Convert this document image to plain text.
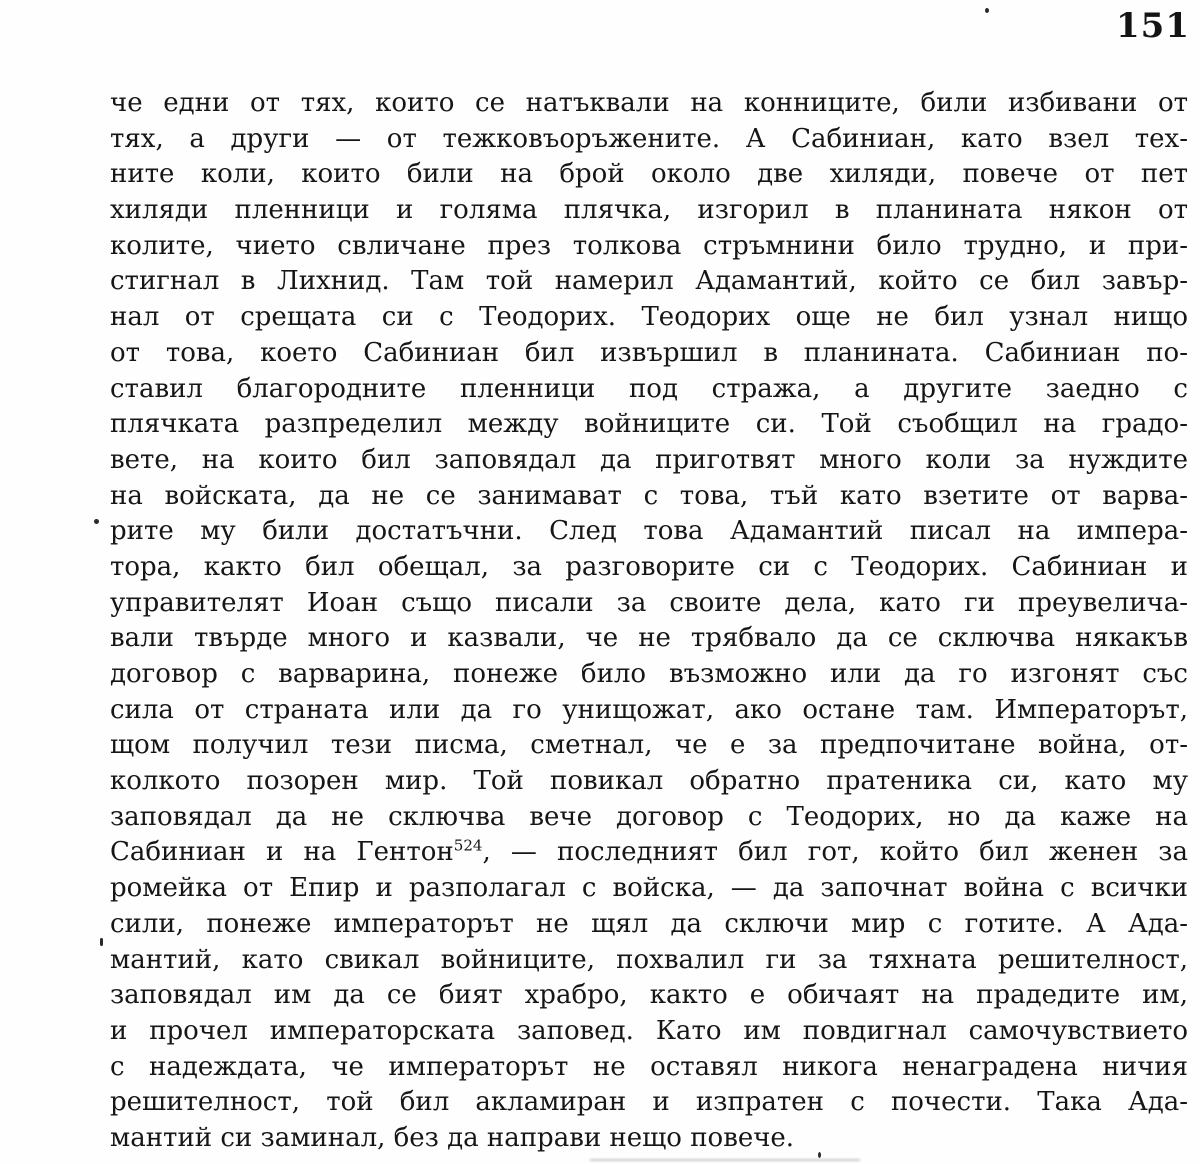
151
че едни от тях, които се натъквали на конниците, били избивани от
тях, а други — от тежковъоръжените. А Сабиниан, като взел тех-
ните коли, които били на брой около две хиляди, повече от пет
хиляди пленници и голяма плячка, изгорил в планината някон от
колите, чието свличане през толкова стръмнини било трудно, и при-
стигнал в Лихнид. Там той намерил Адамантий, който се бил завър-
нал от срещата си с Теодорих. Теодорих още не бил узнал нищо
от това, което Сабиниан бил извършил в планината. Сабиниан по-
ставил благородните пленници под стража, а другите заедно с
плячката разпределил между войниците си. Той съобщил на градо-
вете, на които бил заповядал да приготвят много коли за нуждите
на войската, да не се занимават с това, тъй като взетите от варва-
рите му били достатъчни. След това Адамантий писал на импера-
тора, както бил обещал, за разговорите си с Теодорих. Сабиниан и
управителят Иоан също писали за своите дела, като ги преувелича-
вали твърде много и казвали, че не трябвало да се сключва някакъв
договор с варварина, понеже било възможно или да го изгонят със
сила от страната или да го унищожат, ако остане там. Императорът,
щом получил тези писма, сметнал, че е за предпочитане война, от-
колкото позорен мир. Той повикал обратно пратеника си, като му
заповядал да не сключва вече договор с Теодорих, но да каже на
Сабиниан и на Гентон$^{524}$, — последният бил гот, който бил женен за
ромейка от Епир и разполагал с войска, — да започнат война с всички
сили, понеже императорът не щял да сключи мир с готите. А Ада-
мантий, като свикал войниците, похвалил ги за тяхната решителност,
заповядал им да се бият храбро, както е обичаят на прадедите им,
и прочел императорската заповед. Като им повдигнал самочувствието
с надеждата, че императорът не оставял никога ненаградена ничия
решителност, той бил акламиран и изпратен с почести. Така Ада-
мантий си заминал, без да направи нещо повече.
